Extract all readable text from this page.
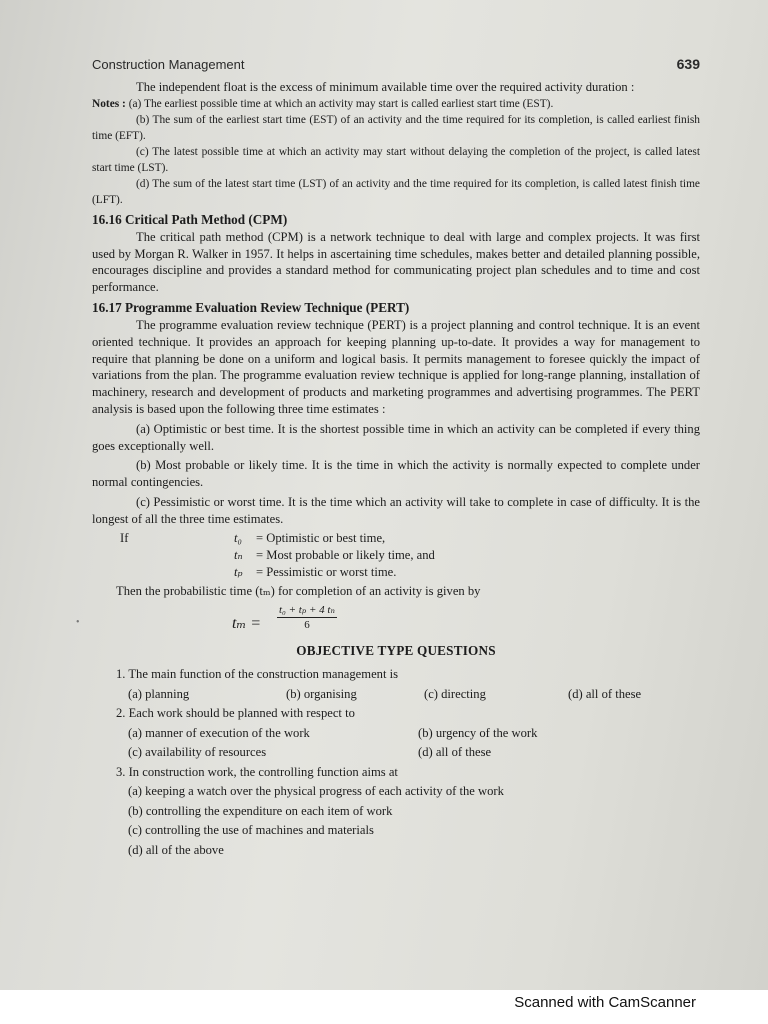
Construction Management	639

The independent float is the excess of minimum available time over the required activity duration :

Notes : (a) The earliest possible time at which an activity may start is called earliest start time (EST).

(b) The sum of the earliest start time (EST) of an activity and the time required for its completion, is called earliest finish time (EFT).

(c) The latest possible time at which an activity may start without delaying the completion of the project, is called latest start time (LST).

(d) The sum of the latest start time (LST) of an activity and the time required for its completion, is called latest finish time (LFT).

16.16 Critical Path Method (CPM)

The critical path method (CPM) is a network technique to deal with large and complex projects. It was first used by Morgan R. Walker in 1957. It helps in ascertaining time schedules, makes better and detailed planning possible, encourages discipline and provides a standard method for communicating project plan schedules and to time and cost performance.

16.17 Programme Evaluation Review Technique (PERT)

The programme evaluation review technique (PERT) is a project planning and control technique. It is an event oriented technique. It provides an approach for keeping planning up-to-date. It provides a way for management to require that planning be done on a uniform and logical basis. It permits management to foresee quickly the impact of variations from the plan. The programme evaluation review technique is applied for long-range planning, installation of machinery, research and development of products and marketing programmes and advertising programmes. The PERT analysis is based upon the following three time estimates :

(a) Optimistic or best time. It is the shortest possible time in which an activity can be completed if every thing goes exceptionally well.

(b) Most probable or likely time. It is the time in which the activity is normally expected to complete under normal contingencies.

(c) Pessimistic or worst time. It is the time which an activity will take to complete in case of difficulty. It is the longest of all the three time estimates.

If	t₀	= Optimistic or best time,
tₙ	= Most probable or likely time, and
tₚ	= Pessimistic or worst time.

Then the probabilistic time (tₘ) for completion of an activity is given by

•	$t_m = \frac{\text{t₀ + tₚ + 4 tₙ}}{6}$
OBJECTIVE TYPE QUESTIONS
1. The main function of the construction management is
(a) planning	(b) organising	(c) directing	(d) all of these
2. Each work should be planned with respect to
(a) manner of execution of the work	(b) urgency of the work
(c) availability of resources	(d) all of these
3. In construction work, the controlling function aims at
(a) keeping a watch over the physical progress of each activity of the work
(b) controlling the expenditure on each item of work
(c) controlling the use of machines and materials
(d) all of the above
Scanned with CamScanner
